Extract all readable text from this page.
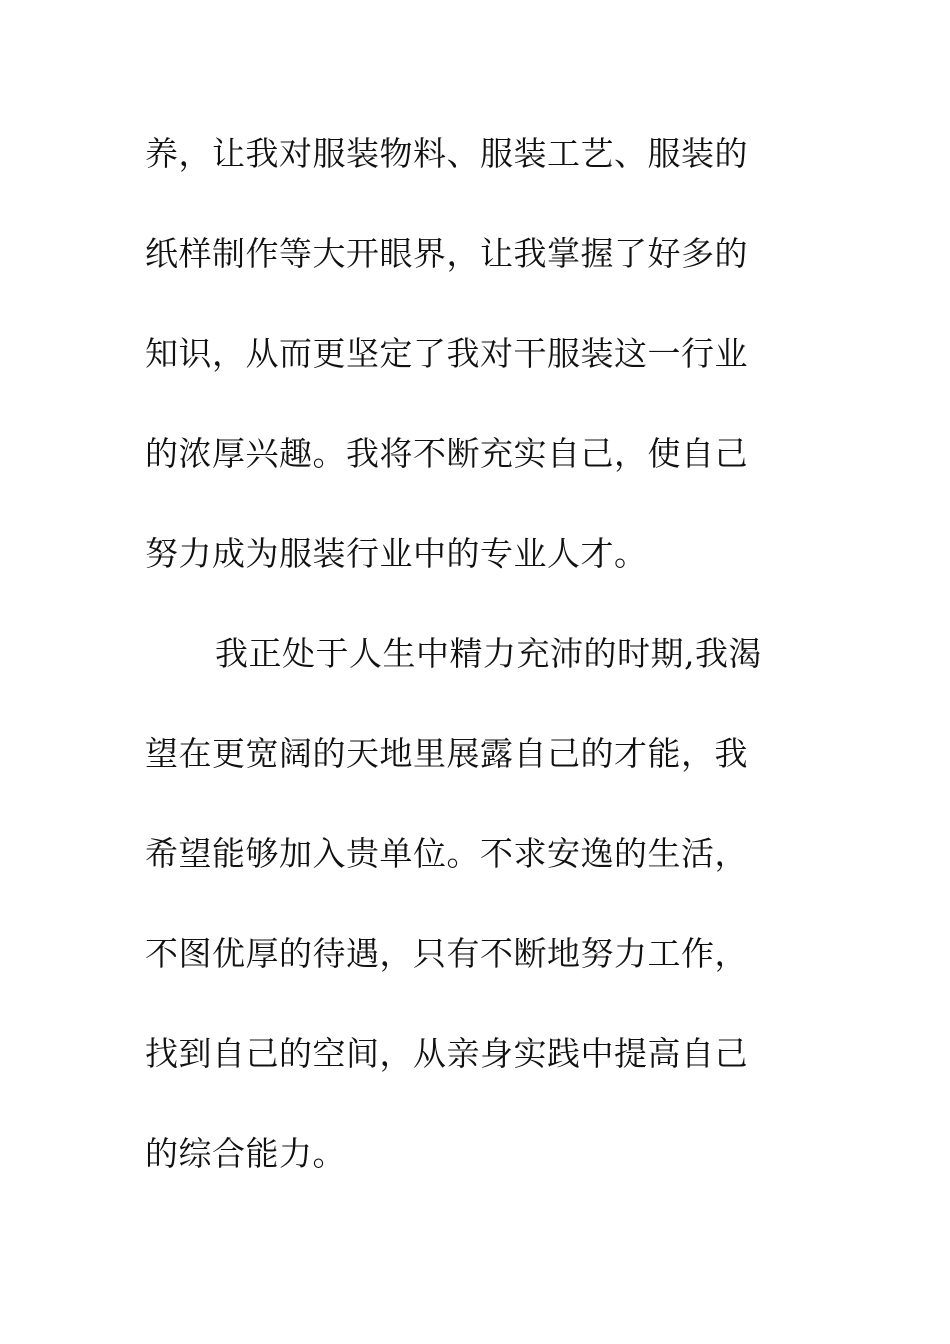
养，让我对服装物料、服装工艺、服装的
纸样制作等大开眼界，让我掌握了好多的
知识，从而更坚定了我对干服装这一行业
的浓厚兴趣。我将不断充实自己，使自己
努力成为服装行业中的专业人才。
我正处于人生中精力充沛的时期,我渴
望在更宽阔的天地里展露自己的才能，我
希望能够加入贵单位。不求安逸的生活，
不图优厚的待遇，只有不断地努力工作，
找到自己的空间，从亲身实践中提高自己
的综合能力。
